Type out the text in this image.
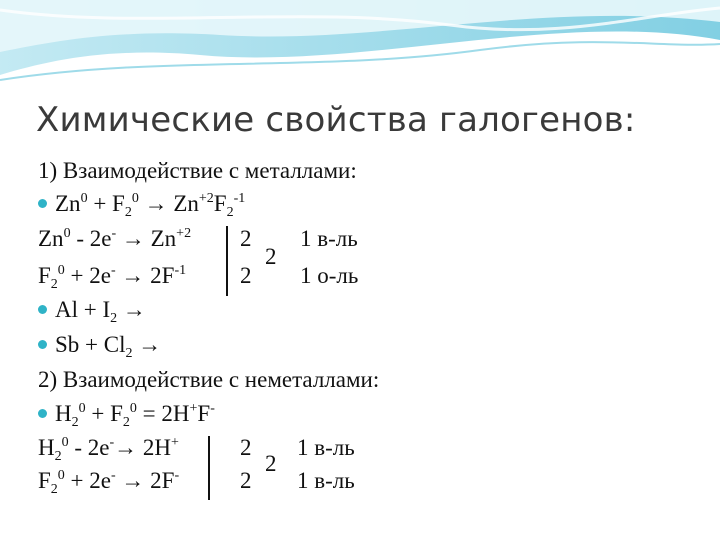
Химические свойства галогенов:
1) Взаимодействие с металлами:
$Zn^0 + F_2^0 \to Zn^{+2}F_2^{-1}$
$Zn^0 - 2e^- \to Zn^{+2}$
$F_2^0 + 2e^- \to 2F^{-1}$
2
2
2
1 в-ль
1 о-ль
$Al + I_2$ →
$Sb + Cl_2$ →
2) Взаимодействие с неметаллами:
$H_2^0 + F_2^0 = 2H^+F^-$
$H_2^0 - 2e^-\to 2H^+$
$F_2^0 + 2e^- \to 2F^-$
2
2
2
1 в-ль
1 в-ль
